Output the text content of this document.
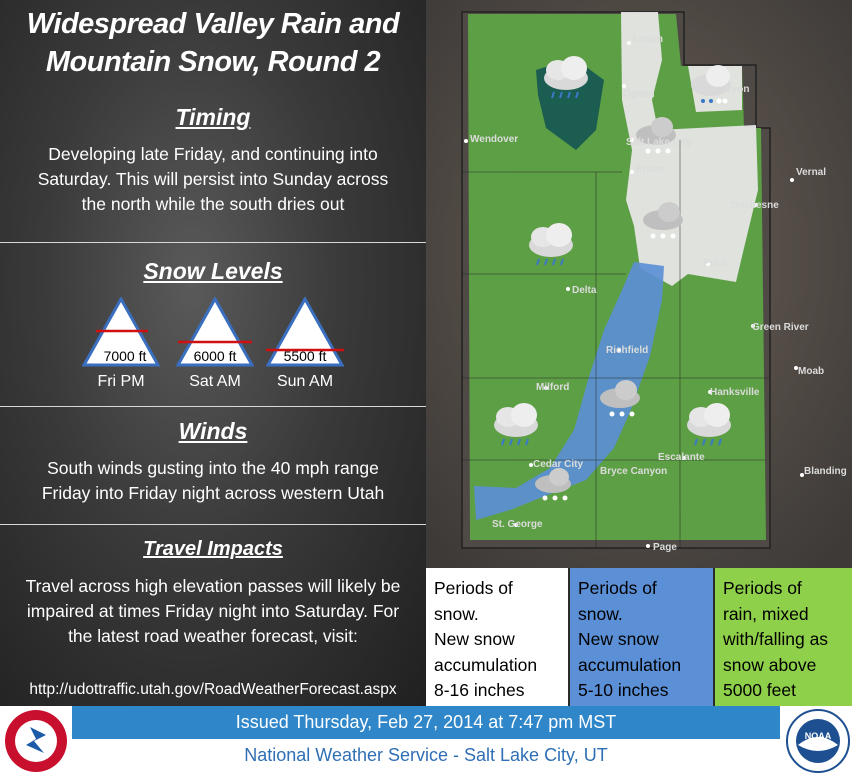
Widespread Valley Rain and
Mountain Snow, Round 2
Timing
Developing late Friday, and continuing into
Saturday. This will persist into Sunday across
the north while the south dries out
Snow Levels
7000 ft	6000 ft	5500 ft
Fri PM	Sat AM	Sun AM
Winds
South winds gusting into the 40 mph range
Friday into Friday night across western Utah
Travel Impacts
Travel across high elevation passes will likely be
impaired at times Friday night into Saturday. For
the latest road weather forecast, visit:
http://udottraffic.utah.gov/RoadWeatherForecast.aspx
Logan
Ogden
Salt Lake City
Wendover
Provo	Vernal
Duchesne
Price
Delta
Green River
Richfield
Moab
Hanksville
Milford
Cedar City
Escalante
Bryce Canyon	Blanding
St. George
Page
Lyon
Periods of
snow.
New snow
accumulation
8-16 inches
Periods of
snow.
New snow
accumulation
5-10 inches
Periods of
rain, mixed
with/falling as
snow above
5000 feet
Issued Thursday, Feb 27, 2014 at 7:47 pm MST
National Weather Service - Salt Lake City, UT
NOAA
